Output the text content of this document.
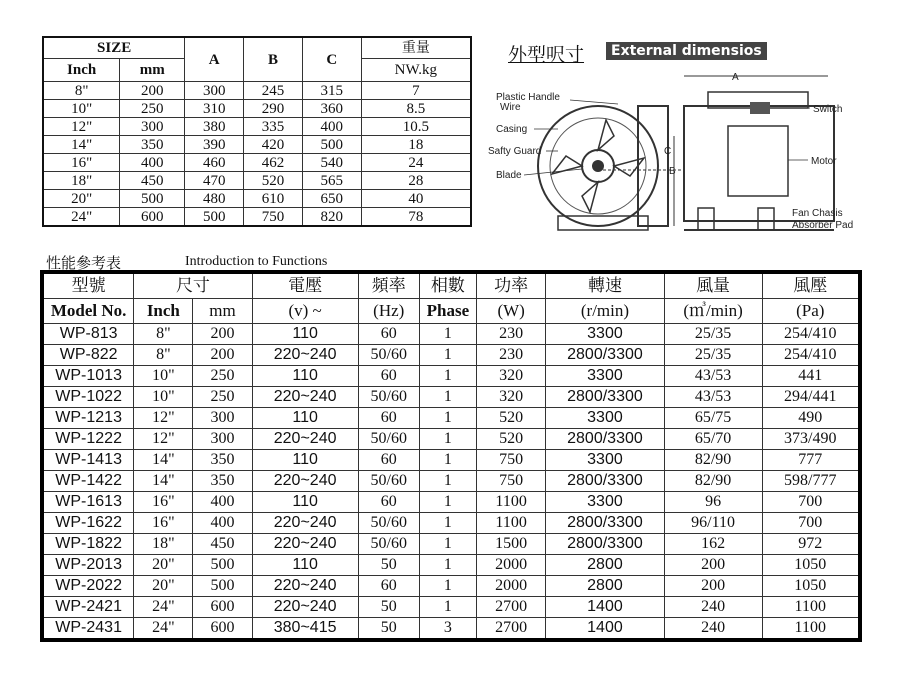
SIZE		A	B	C	重量
Inch	mm				NW.kg
8"	200	300	245	315	7
10"	250	310	290	360	8.5
12"	300	380	335	400	10.5
14"	350	390	420	500	18
16"	400	460	462	540	24
18"	450	470	520	565	28
20"	500	480	610	650	40
24"	600	500	750	820	78
外型呎寸	External dimensios
A
B
C
Plastic Handle
Wire
Casing
Safty Guard
Blade
Switch
Motor
Fan Chasis
Absorber Pad
性能參考表	Introduction to Functions
型號	尺寸		電壓	頻率	相數	功率	轉速	風量	風壓
Model No.	Inch	mm	(v) ~	(Hz)	Phase	(W)	(r/min)	(㎥/min)	(Pa)
WP-813	8"	200	110	60	1	230	3300	25/35	254/410
WP-822	8"	200	220~240	50/60	1	230	2800/3300	25/35	254/410
WP-1013	10"	250	110	60	1	320	3300	43/53	441
WP-1022	10"	250	220~240	50/60	1	320	2800/3300	43/53	294/441
WP-1213	12"	300	110	60	1	520	3300	65/75	490
WP-1222	12"	300	220~240	50/60	1	520	2800/3300	65/70	373/490
WP-1413	14"	350	110	60	1	750	3300	82/90	777
WP-1422	14"	350	220~240	50/60	1	750	2800/3300	82/90	598/777
WP-1613	16"	400	110	60	1	1100	3300	96	700
WP-1622	16"	400	220~240	50/60	1	1100	2800/3300	96/110	700
WP-1822	18"	450	220~240	50/60	1	1500	2800/3300	162	972
WP-2013	20"	500	110	50	1	2000	2800	200	1050
WP-2022	20"	500	220~240	60	1	2000	2800	200	1050
WP-2421	24"	600	220~240	50	1	2700	1400	240	1100
WP-2431	24"	600	380~415	50	3	2700	1400	240	1100
